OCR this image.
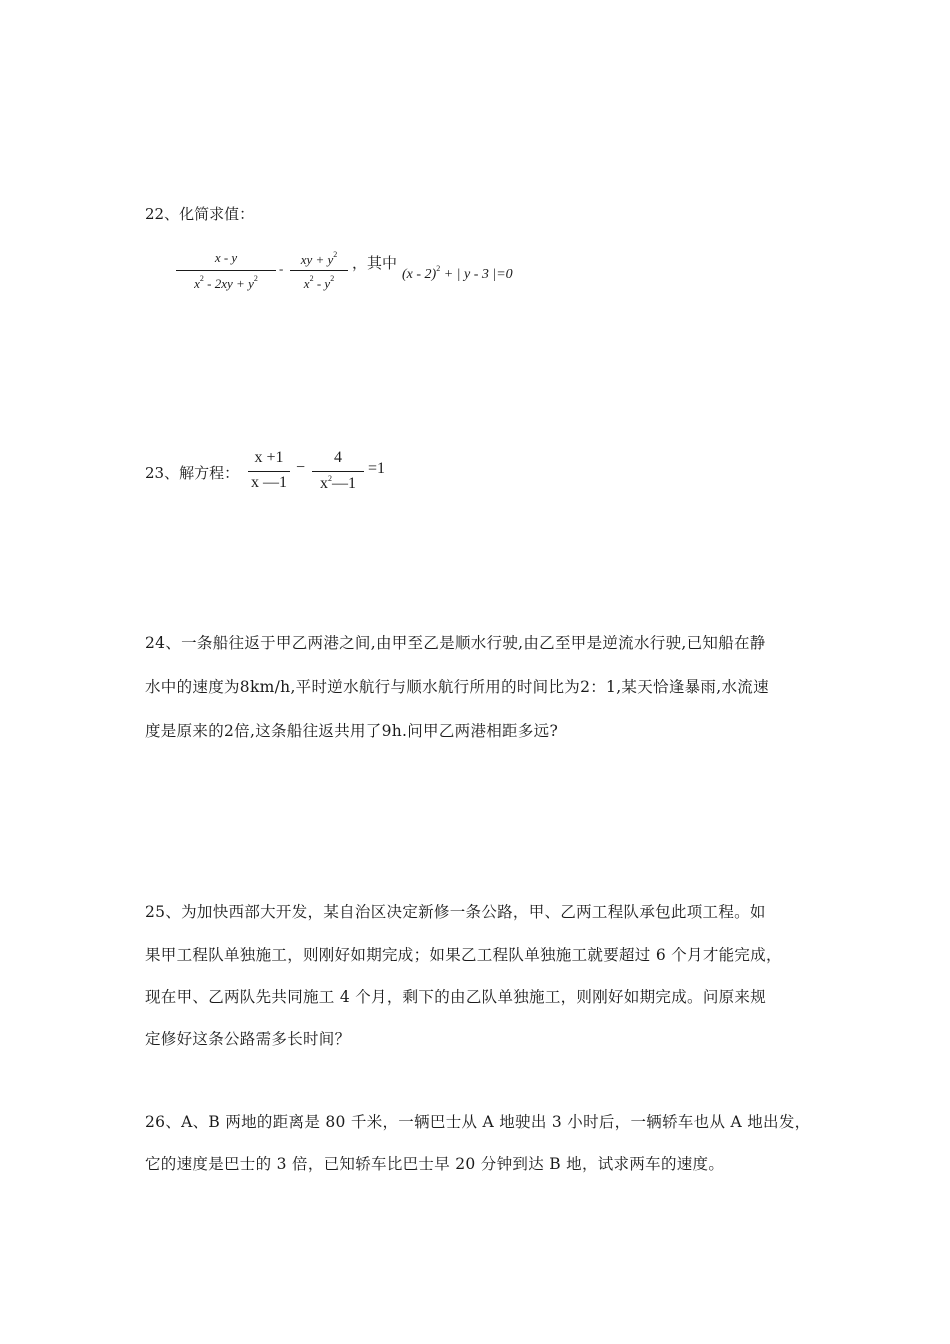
22、化简求值：
x - y
$x^2 - 2xy + y^2$
-
xy + $y^2$
$x^2 - y^2$
，其中
(x - 2)$^2$ + | y - 3 |=0
23、解方程：
x +1
x —1
−
4
$x^2—1$
=1
24、一条船往返于甲乙两港之间,由甲至乙是顺水行驶,由乙至甲是逆流水行驶,已知船在静
水中的速度为8km/h,平时逆水航行与顺水航行所用的时间比为2：1,某天恰逢暴雨,水流速
度是原来的2倍,这条船往返共用了9h.问甲乙两港相距多远?
25、为加快西部大开发，某自治区决定新修一条公路，甲、乙两工程队承包此项工程。如
果甲工程队单独施工，则刚好如期完成；如果乙工程队单独施工就要超过 6 个月才能完成，
现在甲、乙两队先共同施工 4 个月，剩下的由乙队单独施工，则刚好如期完成。问原来规
定修好这条公路需多长时间？
26、A、B 两地的距离是 80 千米，一辆巴士从 A 地驶出 3 小时后，一辆轿车也从 A 地出发，
它的速度是巴士的 3 倍，已知轿车比巴士早 20 分钟到达 B 地，试求两车的速度。
